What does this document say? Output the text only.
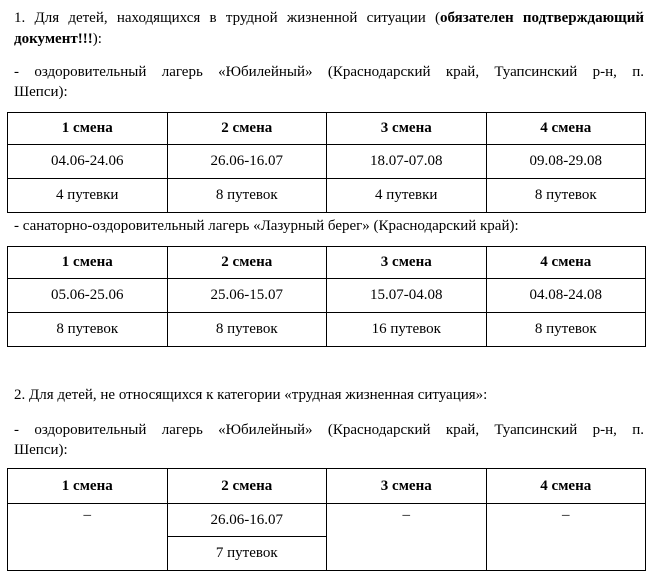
1. Для детей, находящихся в трудной жизненной ситуации (обязателен подтверждающий документ!!!):
- оздоровительный лагерь «Юбилейный» (Краснодарский край, Туапсинский р-н, п.
Шепси):
1 смена	2 смена	3 смена	4 смена
04.06-24.06	26.06-16.07	18.07-07.08	09.08-29.08
4 путевки	8 путевок	4 путевки	8 путевок
- санаторно-оздоровительный лагерь «Лазурный берег» (Краснодарский край):
1 смена	2 смена	3 смена	4 смена
05.06-25.06	25.06-15.07	15.07-04.08	04.08-24.08
8 путевок	8 путевок	16 путевок	8 путевок
2. Для детей, не относящихся к категории «трудная жизненная ситуация»:
- оздоровительный лагерь «Юбилейный» (Краснодарский край, Туапсинский р-н, п.
Шепси):
1 смена	2 смена	3 смена	4 смена
–	26.06-16.07	–	–
	7 путевок		
